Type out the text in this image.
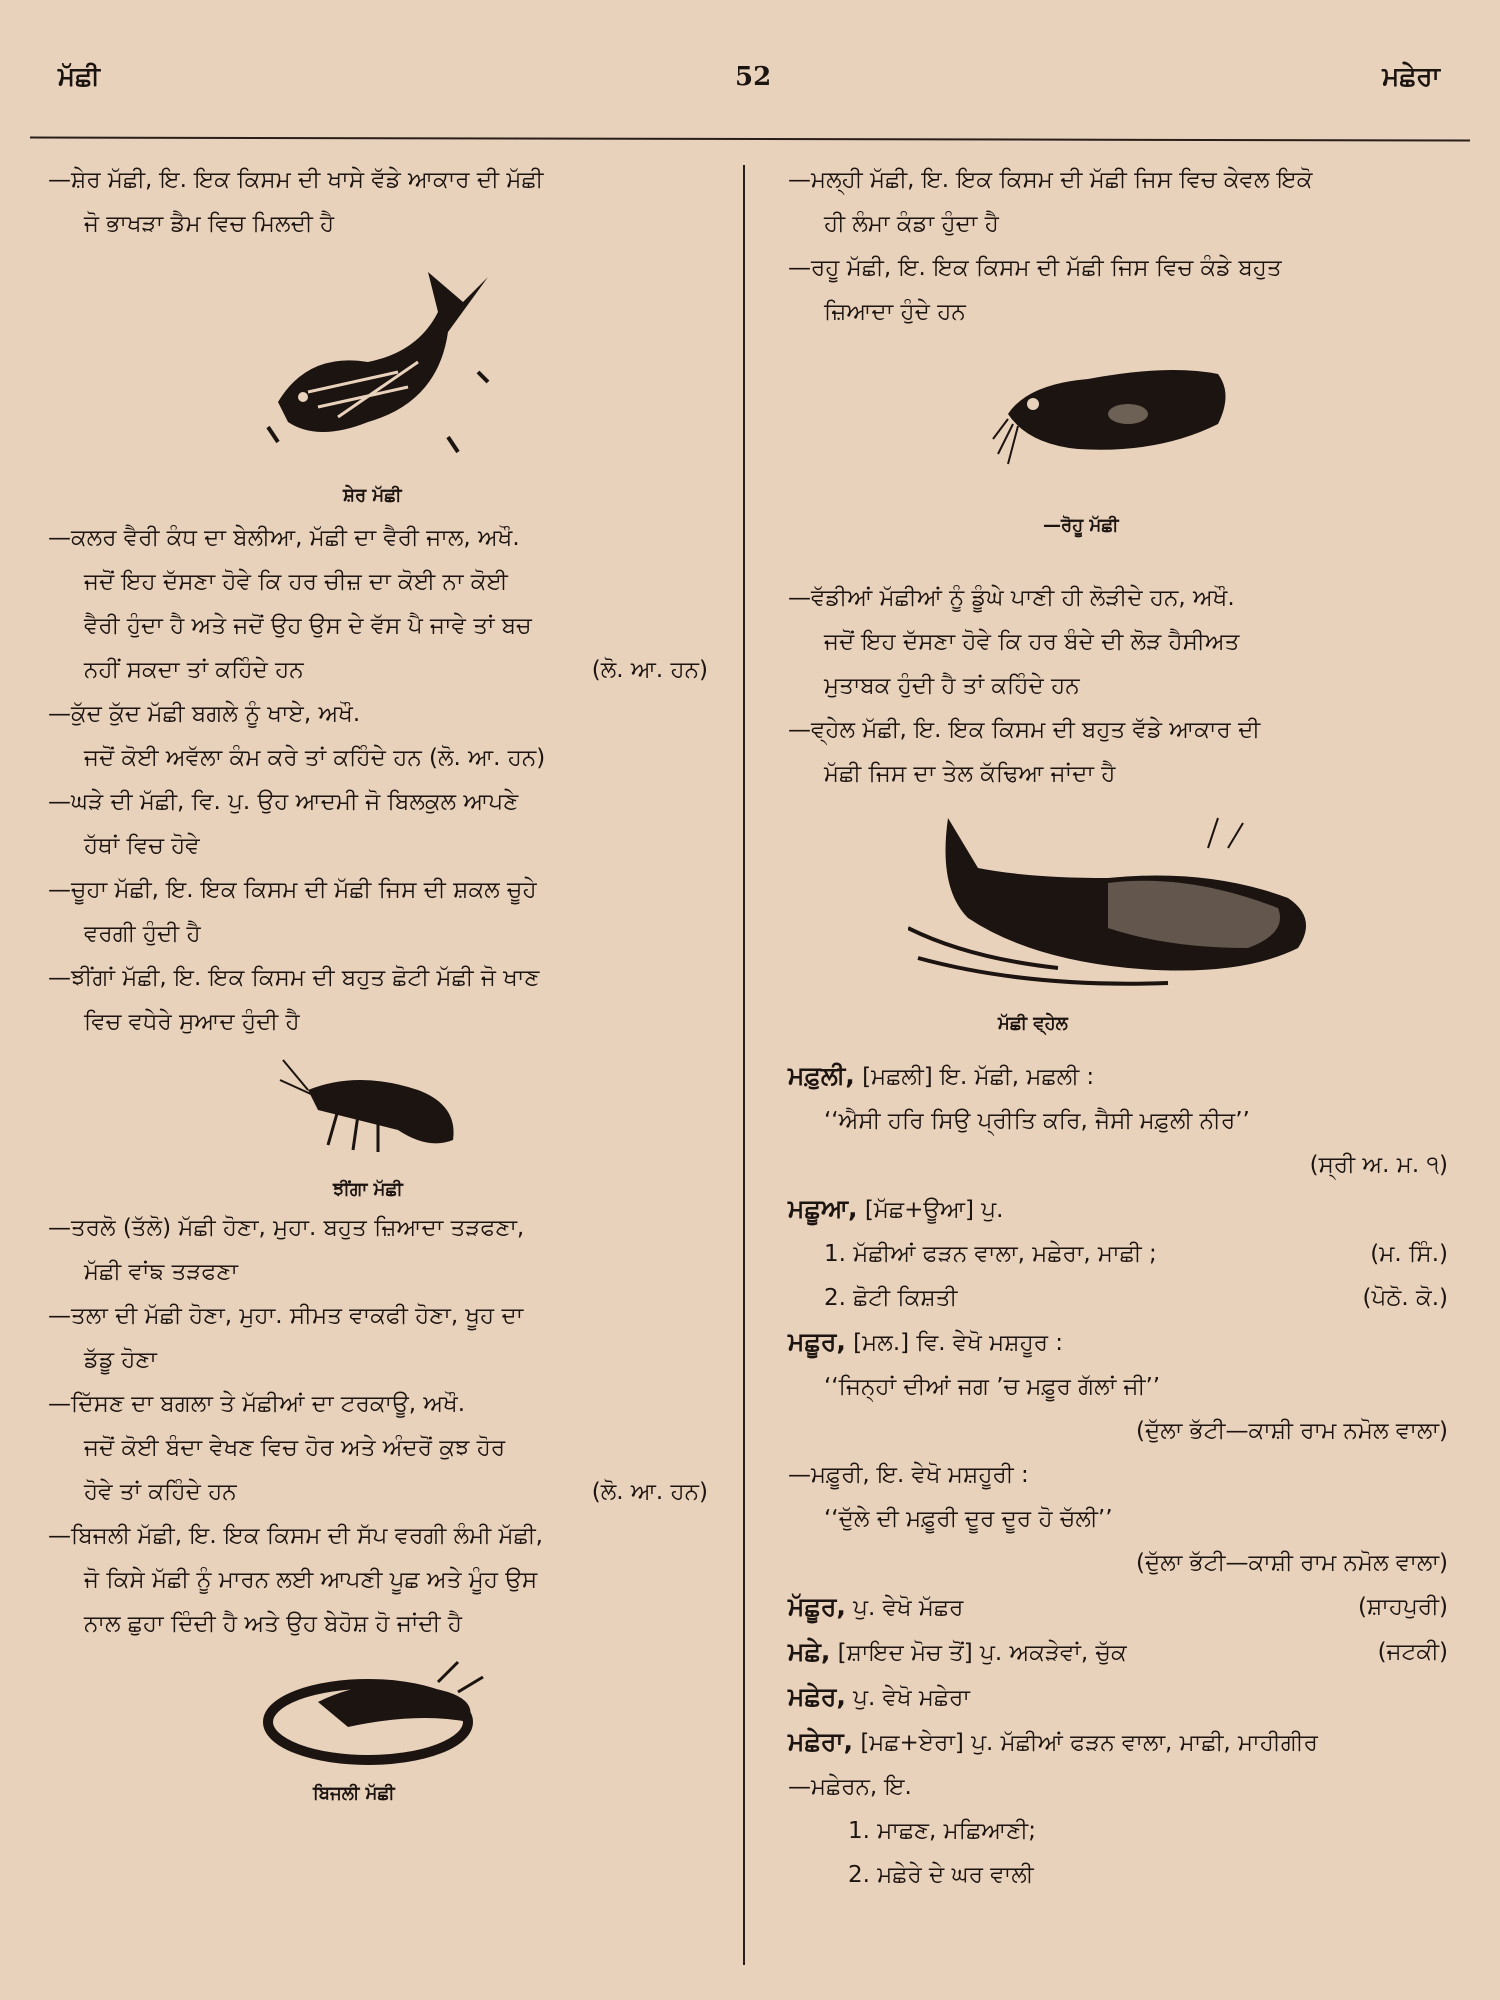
ਮੱਛੀ	52	ਮਛੇਰਾ
—ਸ਼ੇਰ ਮੱਛੀ, ਇ. ਇਕ ਕਿਸਮ ਦੀ ਖਾਸੇ ਵੱਡੇ ਆਕਾਰ ਦੀ ਮੱਛੀ
ਜੋ ਭਾਖੜਾ ਡੈਮ ਵਿਚ ਮਿਲਦੀ ਹੈ
ਸ਼ੇਰ ਮੱਛੀ
—ਕਲਰ ਵੈਰੀ ਕੰਧ ਦਾ ਬੇਲੀਆ, ਮੱਛੀ ਦਾ ਵੈਰੀ ਜਾਲ, ਅਖੌ.
ਜਦੋਂ ਇਹ ਦੱਸਣਾ ਹੋਵੇ ਕਿ ਹਰ ਚੀਜ਼ ਦਾ ਕੋਈ ਨਾ ਕੋਈ
ਵੈਰੀ ਹੁੰਦਾ ਹੈ ਅਤੇ ਜਦੋਂ ਉਹ ਉਸ ਦੇ ਵੱਸ ਪੈ ਜਾਵੇ ਤਾਂ ਬਚ
ਨਹੀਂ ਸਕਦਾ ਤਾਂ ਕਹਿੰਦੇ ਹਨ	(ਲੋ. ਆ. ਹਨ)
—ਕੁੱਦ ਕੁੱਦ ਮੱਛੀ ਬਗਲੇ ਨੂੰ ਖਾਏ, ਅਖੌ.
ਜਦੋਂ ਕੋਈ ਅਵੱਲਾ ਕੰਮ ਕਰੇ ਤਾਂ ਕਹਿੰਦੇ ਹਨ (ਲੋ. ਆ. ਹਨ)
—ਘੜੇ ਦੀ ਮੱਛੀ, ਵਿ. ਪੁ. ਉਹ ਆਦਮੀ ਜੋ ਬਿਲਕੁਲ ਆਪਣੇ
ਹੱਥਾਂ ਵਿਚ ਹੋਵੇ
—ਚੂਹਾ ਮੱਛੀ, ਇ. ਇਕ ਕਿਸਮ ਦੀ ਮੱਛੀ ਜਿਸ ਦੀ ਸ਼ਕਲ ਚੂਹੇ
ਵਰਗੀ ਹੁੰਦੀ ਹੈ
—ਝੀਂਗਾਂ ਮੱਛੀ, ਇ. ਇਕ ਕਿਸਮ ਦੀ ਬਹੁਤ ਛੋਟੀ ਮੱਛੀ ਜੋ ਖਾਣ
ਵਿਚ ਵਧੇਰੇ ਸੁਆਦ ਹੁੰਦੀ ਹੈ
ਝੀਂਗਾ ਮੱਛੀ
—ਤਰਲੋ (ਤੱਲੋ) ਮੱਛੀ ਹੋਣਾ, ਮੁਹਾ. ਬਹੁਤ ਜ਼ਿਆਦਾ ਤੜਫਣਾ,
ਮੱਛੀ ਵਾਂਙ ਤੜਫਣਾ
—ਤਲਾ ਦੀ ਮੱਛੀ ਹੋਣਾ, ਮੁਹਾ. ਸੀਮਤ ਵਾਕਫੀ ਹੋਣਾ, ਖੂਹ ਦਾ
ਡੱਡੂ ਹੋਣਾ
—ਦਿੱਸਣ ਦਾ ਬਗਲਾ ਤੇ ਮੱਛੀਆਂ ਦਾ ਟਰਕਾਊ, ਅਖੌ.
ਜਦੋਂ ਕੋਈ ਬੰਦਾ ਵੇਖਣ ਵਿਚ ਹੋਰ ਅਤੇ ਅੰਦਰੋਂ ਕੁਝ ਹੋਰ
ਹੋਵੇ ਤਾਂ ਕਹਿੰਦੇ ਹਨ	(ਲੋ. ਆ. ਹਨ)
—ਬਿਜਲੀ ਮੱਛੀ, ਇ. ਇਕ ਕਿਸਮ ਦੀ ਸੱਪ ਵਰਗੀ ਲੰਮੀ ਮੱਛੀ,
ਜੋ ਕਿਸੇ ਮੱਛੀ ਨੂੰ ਮਾਰਨ ਲਈ ਆਪਣੀ ਪੂਛ ਅਤੇ ਮੂੰਹ ਉਸ
ਨਾਲ ਛੁਹਾ ਦਿੰਦੀ ਹੈ ਅਤੇ ਉਹ ਬੇਹੋਸ਼ ਹੋ ਜਾਂਦੀ ਹੈ
ਬਿਜਲੀ ਮੱਛੀ
—ਮਲ੍ਹੀ ਮੱਛੀ, ਇ. ਇਕ ਕਿਸਮ ਦੀ ਮੱਛੀ ਜਿਸ ਵਿਚ ਕੇਵਲ ਇਕੋ
ਹੀ ਲੰਮਾ ਕੰਡਾ ਹੁੰਦਾ ਹੈ
—ਰਹੂ ਮੱਛੀ, ਇ. ਇਕ ਕਿਸਮ ਦੀ ਮੱਛੀ ਜਿਸ ਵਿਚ ਕੰਡੇ ਬਹੁਤ
ਜ਼ਿਆਦਾ ਹੁੰਦੇ ਹਨ
—ਰੋਹੂ ਮੱਛੀ
—ਵੱਡੀਆਂ ਮੱਛੀਆਂ ਨੂੰ ਡੂੰਘੇ ਪਾਣੀ ਹੀ ਲੋੜੀਦੇ ਹਨ, ਅਖੌ.
ਜਦੋਂ ਇਹ ਦੱਸਣਾ ਹੋਵੇ ਕਿ ਹਰ ਬੰਦੇ ਦੀ ਲੋੜ ਹੈਸੀਅਤ
ਮੁਤਾਬਕ ਹੁੰਦੀ ਹੈ ਤਾਂ ਕਹਿੰਦੇ ਹਨ
—ਵ੍ਹੇਲ ਮੱਛੀ, ਇ. ਇਕ ਕਿਸਮ ਦੀ ਬਹੁਤ ਵੱਡੇ ਆਕਾਰ ਦੀ
ਮੱਛੀ ਜਿਸ ਦਾ ਤੇਲ ਕੱਢਿਆ ਜਾਂਦਾ ਹੈ
ਮੱਛੀ ਵ੍ਹੇਲ
ਮਫ਼ੁਲੀ, [ਮਛਲੀ] ਇ. ਮੱਛੀ, ਮਛਲੀ :
‘‘ਐਸੀ ਹਰਿ ਸਿਉ ਪ੍ਰੀਤਿ ਕਰਿ, ਜੈਸੀ ਮਫ਼ੁਲੀ ਨੀਰ’’
(ਸ੍ਰੀ ਅ. ਮ. ੧)
ਮਛੂਆ, [ਮੱਛ+ਊਆ] ਪੁ.
1. ਮੱਛੀਆਂ ਫੜਨ ਵਾਲਾ, ਮਛੇਰਾ, ਮਾਛੀ ;	(ਮ. ਸਿੰ.)
2. ਛੋਟੀ ਕਿਸ਼ਤੀ	(ਪੋਠੋ. ਕੋ.)
ਮਛੂਰ, [ਮਲ.] ਵਿ. ਵੇਖੋ ਮਸ਼ਹੂਰ :
‘‘ਜਿਨ੍ਹਾਂ ਦੀਆਂ ਜਗ ’ਚ ਮਫ਼ੂਰ ਗੱਲਾਂ ਜੀ’’
(ਦੁੱਲਾ ਭੱਟੀ—ਕਾਸ਼ੀ ਰਾਮ ਨਮੋਲ ਵਾਲਾ)
—ਮਫ਼ੂਰੀ, ਇ. ਵੇਖੋ ਮਸ਼ਹੂਰੀ :
‘‘ਦੁੱਲੇ ਦੀ ਮਫ਼ੂਰੀ ਦੂਰ ਦੂਰ ਹੋ ਚੱਲੀ’’
(ਦੁੱਲਾ ਭੱਟੀ—ਕਾਸ਼ੀ ਰਾਮ ਨਮੋਲ ਵਾਲਾ)
ਮੱਛੂਰ, ਪੁ. ਵੇਖੋ ਮੱਛਰ	(ਸ਼ਾਹਪੁਰੀ)
ਮਛੇ, [ਸ਼ਾਇਦ ਮੋਚ ਤੋਂ] ਪੁ. ਅਕੜੇਵਾਂ, ਚੁੱਕ	(ਜਟਕੀ)
ਮਛੇਰ, ਪੁ. ਵੇਖੋ ਮਛੇਰਾ
ਮਛੇਰਾ, [ਮਛ+ਏਰਾ] ਪੁ. ਮੱਛੀਆਂ ਫੜਨ ਵਾਲਾ, ਮਾਛੀ, ਮਾਹੀਗੀਰ
—ਮਛੇਰਨ, ਇ.
1. ਮਾਛਣ, ਮਛਿਆਣੀ;
2. ਮਛੇਰੇ ਦੇ ਘਰ ਵਾਲੀ
